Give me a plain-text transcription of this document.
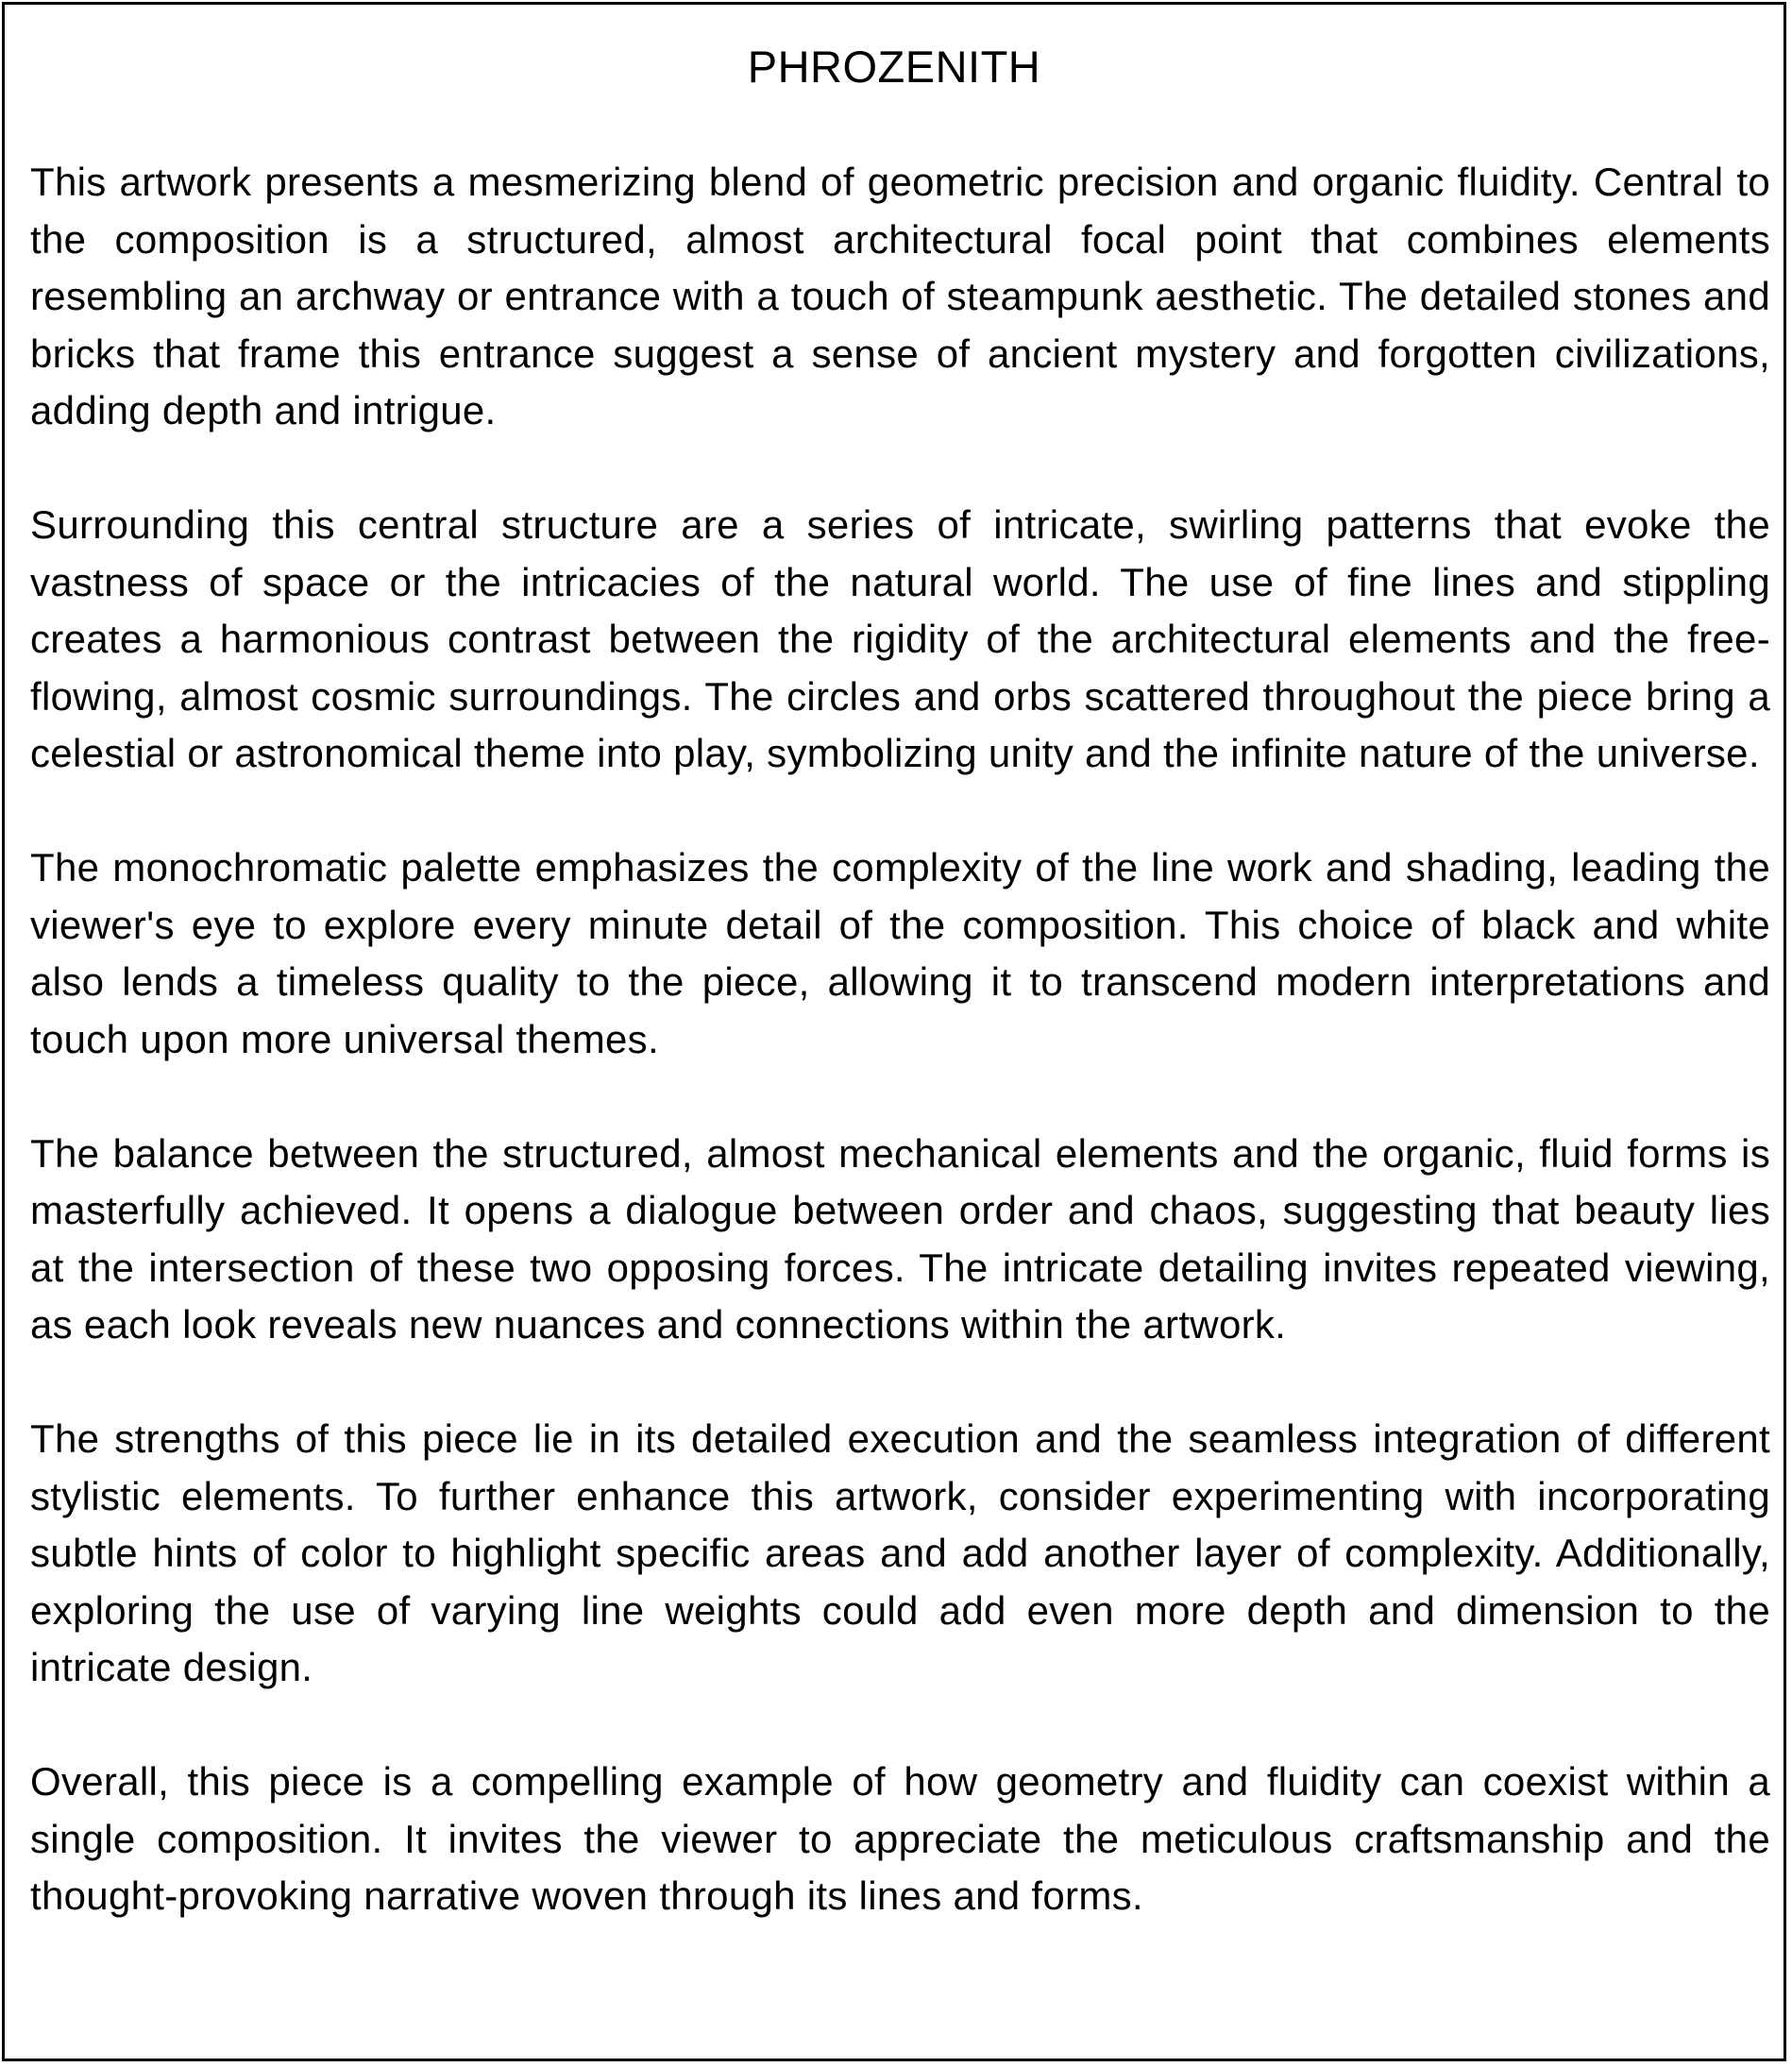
PHROZENITH

This artwork presents a mesmerizing blend of geometric precision and organic fluidity. Central to the composition is a structured, almost architectural focal point that combines elements resembling an archway or entrance with a touch of steampunk aesthetic. The detailed stones and bricks that frame this entrance suggest a sense of ancient mystery and forgotten civilizations, adding depth and intrigue.

Surrounding this central structure are a series of intricate, swirling patterns that evoke the vastness of space or the intricacies of the natural world. The use of fine lines and stippling creates a harmonious contrast between the rigidity of the architectural elements and the free-flowing, almost cosmic surroundings. The circles and orbs scattered throughout the piece bring a celestial or astronomical theme into play, symbolizing unity and the infinite nature of the universe.

The monochromatic palette emphasizes the complexity of the line work and shading, leading the viewer's eye to explore every minute detail of the composition. This choice of black and white also lends a timeless quality to the piece, allowing it to transcend modern interpretations and touch upon more universal themes.

The balance between the structured, almost mechanical elements and the organic, fluid forms is masterfully achieved. It opens a dialogue between order and chaos, suggesting that beauty lies at the intersection of these two opposing forces. The intricate detailing invites repeated viewing, as each look reveals new nuances and connections within the artwork.

The strengths of this piece lie in its detailed execution and the seamless integration of different stylistic elements. To further enhance this artwork, consider experimenting with incorporating subtle hints of color to highlight specific areas and add another layer of complexity. Additionally, exploring the use of varying line weights could add even more depth and dimension to the intricate design.

Overall, this piece is a compelling example of how geometry and fluidity can coexist within a single composition. It invites the viewer to appreciate the meticulous craftsmanship and the thought-provoking narrative woven through its lines and forms.
